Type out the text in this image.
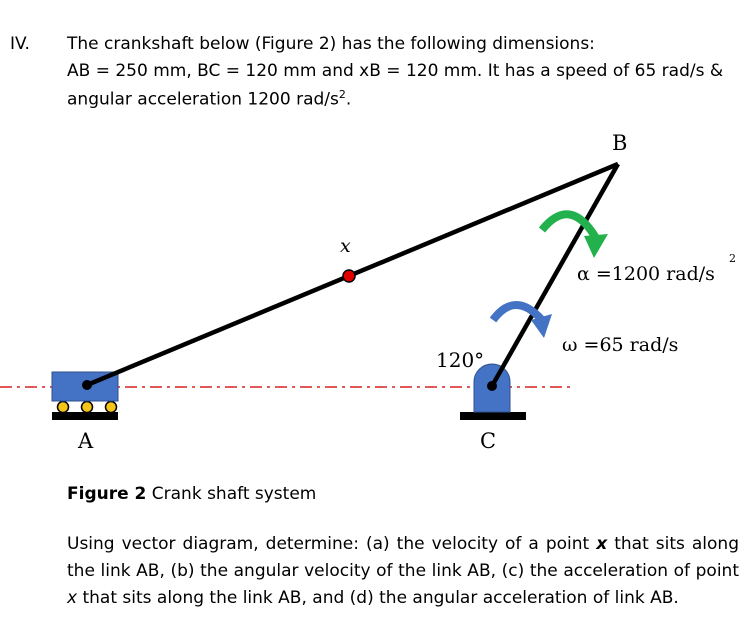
IV. The crankshaft below (Figure 2) has the following dimensions:
AB = 250 mm, BC = 120 mm and xB = 120 mm. It has a speed of 65 rad/s &
angular acceleration 1200 rad/$s^2$.
B
A	C
x
120°
α =1200 rad/s
2
ω =65 rad/s
Figure 2 Crank shaft system
Using vector diagram, determine: (a) the velocity of a point x that sits along the link AB, (b) the angular velocity of the link AB, (c) the acceleration of point x that sits along the link AB, and (d) the angular acceleration of link AB.
